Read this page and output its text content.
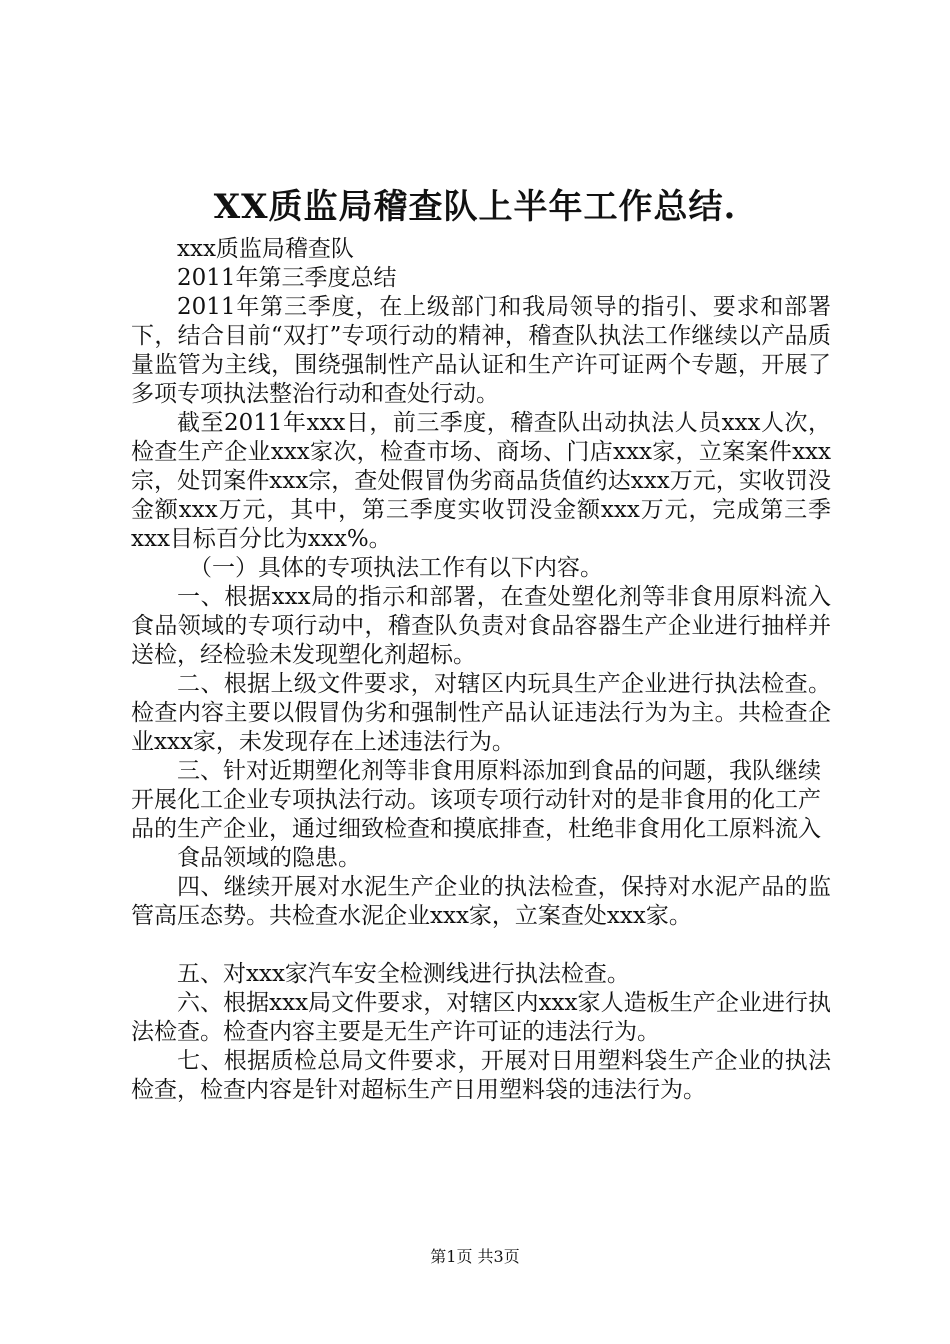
XX质监局稽查队上半年工作总结.

xxx质监局稽查队

2011年第三季度总结

2011年第三季度，在上级部门和我局领导的指引、要求和部署下，结合目前“双打”专项行动的精神，稽查队执法工作继续以产品质量监管为主线，围绕强制性产品认证和生产许可证两个专题，开展了多项专项执法整治行动和查处行动。

截至2011年xxx日，前三季度，稽查队出动执法人员xxx人次，检查生产企业xxx家次，检查市场、商场、门店xxx家，立案案件xxx宗，处罚案件xxx宗，查处假冒伪劣商品货值约达xxx万元，实收罚没金额xxx万元，其中，第三季度实收罚没金额xxx万元，完成第三季xxx目标百分比为xxx%。

（一）具体的专项执法工作有以下内容。

一、根据xxx局的指示和部署，在查处塑化剂等非食用原料流入食品领域的专项行动中，稽查队负责对食品容器生产企业进行抽样并送检，经检验未发现塑化剂超标。

二、根据上级文件要求，对辖区内玩具生产企业进行执法检查。检查内容主要以假冒伪劣和强制性产品认证违法行为为主。共检查企业xxx家，未发现存在上述违法行为。

三、针对近期塑化剂等非食用原料添加到食品的问题，我队继续开展化工企业专项执法行动。该项专项行动针对的是非食用的化工产品的生产企业，通过细致检查和摸底排查，杜绝非食用化工原料流入

食品领域的隐患。

四、继续开展对水泥生产企业的执法检查，保持对水泥产品的监管高压态势。共检查水泥企业xxx家，立案查处xxx家。

五、对xxx家汽车安全检测线进行执法检查。

六、根据xxx局文件要求，对辖区内xxx家人造板生产企业进行执法检查。检查内容主要是无生产许可证的违法行为。

七、根据质检总局文件要求，开展对日用塑料袋生产企业的执法检查，检查内容是针对超标生产日用塑料袋的违法行为。

第1页 共3页
